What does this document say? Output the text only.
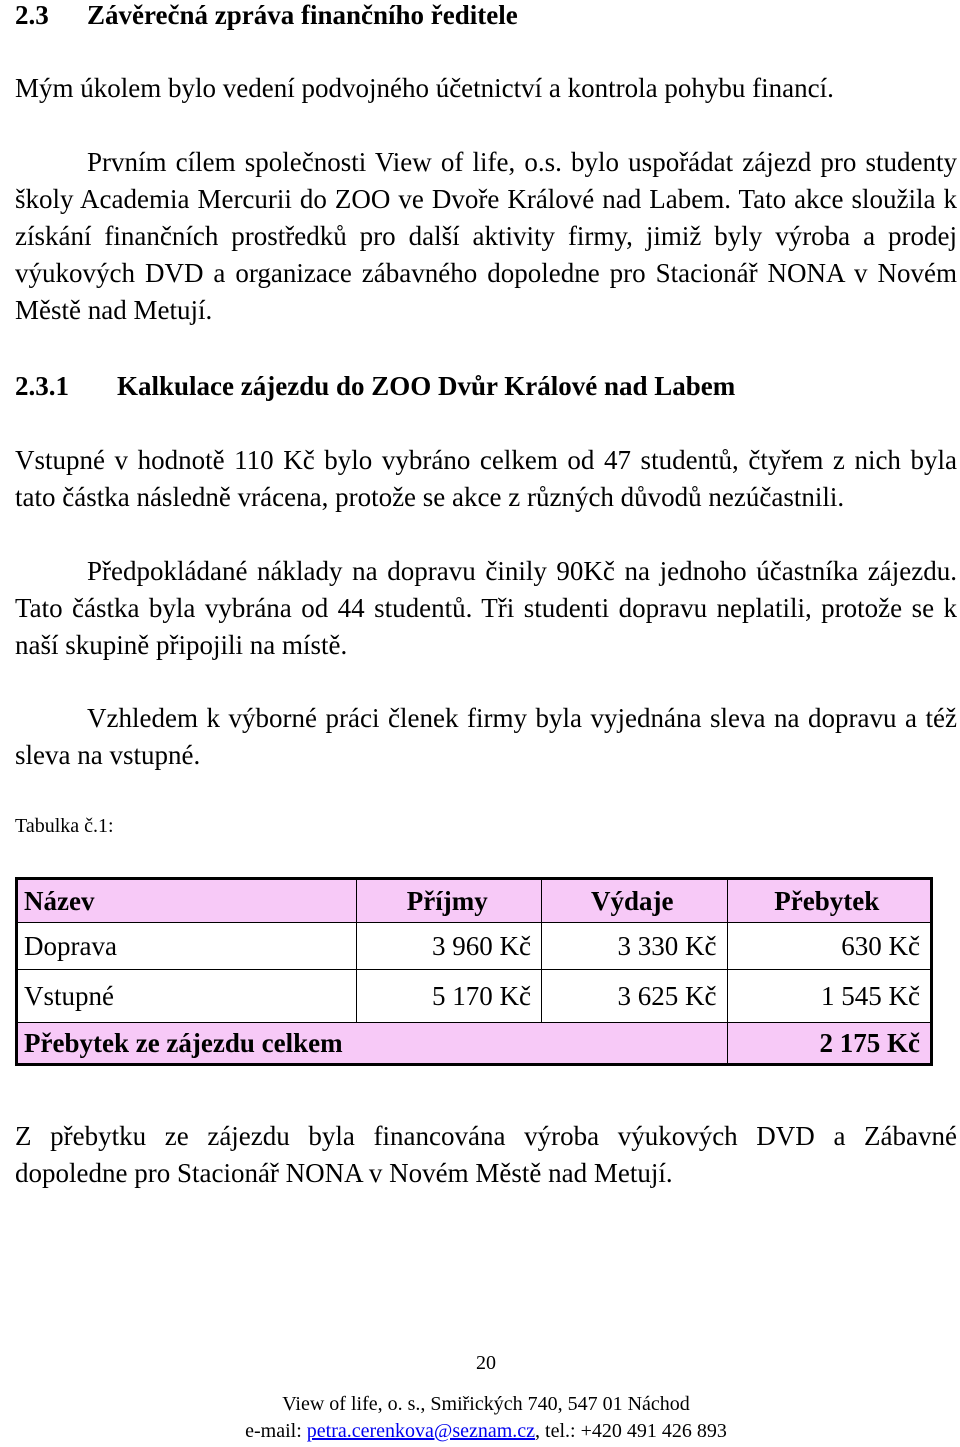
2.3 Závěrečná zpráva finančního ředitele

Mým úkolem bylo vedení podvojného účetnictví a kontrola pohybu financí.

Prvním cílem společnosti View of life, o.s. bylo uspořádat zájezd pro studenty školy Academia Mercurii do ZOO ve Dvoře Králové nad Labem. Tato akce sloužila k získání finančních prostředků pro další aktivity firmy, jimiž byly výroba a prodej výukových DVD a organizace zábavného dopoledne pro Stacionář NONA v Novém Městě nad Metují.

2.3.1 Kalkulace zájezdu do ZOO Dvůr Králové nad Labem

Vstupné v hodnotě 110 Kč bylo vybráno celkem od 47 studentů, čtyřem z nich byla tato částka následně vrácena, protože se akce z různých důvodů nezúčastnili.

Předpokládané náklady na dopravu činily 90Kč na jednoho účastníka zájezdu. Tato částka byla vybrána od 44 studentů. Tři studenti dopravu neplatili, protože se k naší skupině připojili na místě.

Vzhledem k výborné práci členek firmy byla vyjednána sleva na dopravu a též sleva na vstupné.

Tabulka č.1:

Název	Příjmy	Výdaje	Přebytek
Doprava	3 960 Kč	3 330 Kč	630 Kč
Vstupné	5 170 Kč	3 625 Kč	1 545 Kč
Přebytek ze zájezdu celkem			2 175 Kč

Z přebytku ze zájezdu byla financována výroba výukových DVD a Zábavné dopoledne pro Stacionář NONA v Novém Městě nad Metují.

20

View of life, o. s., Smiřických 740, 547 01 Náchod

e-mail: petra.cerenkova@seznam.cz, tel.: +420 491 426 893
